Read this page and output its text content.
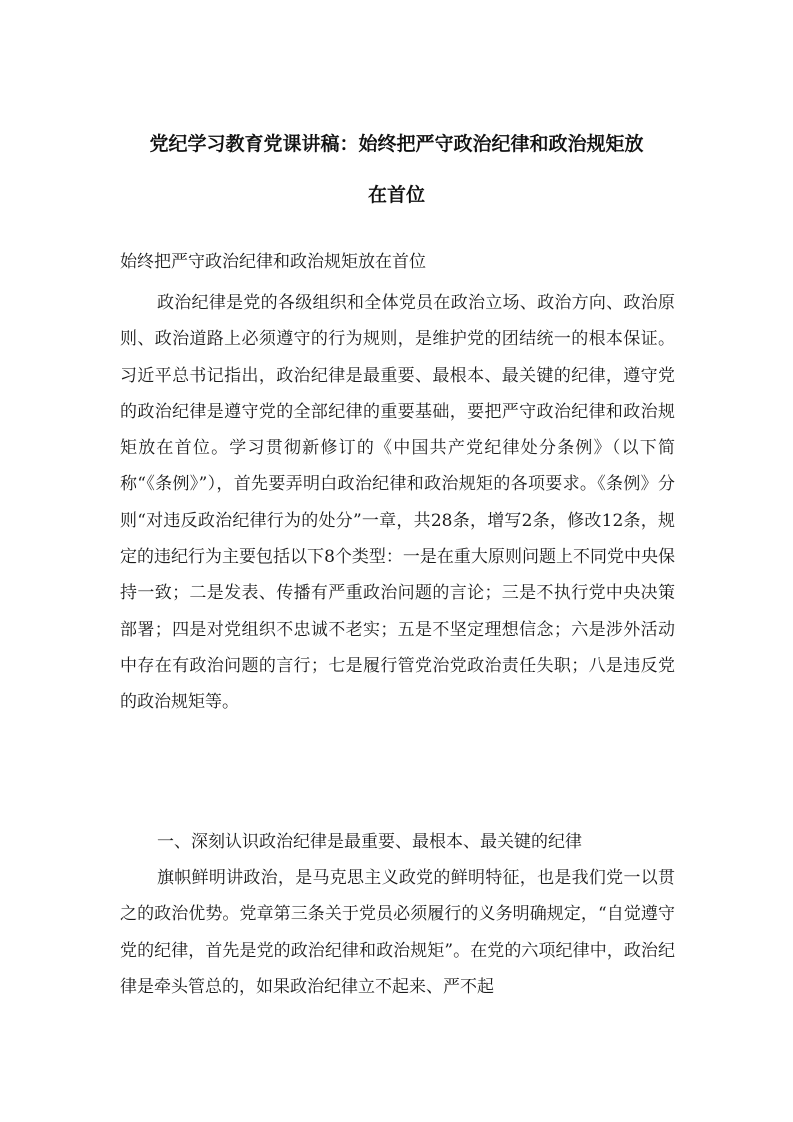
党纪学习教育党课讲稿：始终把严守政治纪律和政治规矩放
在首位
始终把严守政治纪律和政治规矩放在首位

政治纪律是党的各级组织和全体党员在政治立场、政治方向、政治原则、政治道路上必须遵守的行为规则，是维护党的团结统一的根本保证。习近平总书记指出，政治纪律是最重要、最根本、最关键的纪律，遵守党的政治纪律是遵守党的全部纪律的重要基础，要把严守政治纪律和政治规矩放在首位。学习贯彻新修订的《中国共产党纪律处分条例》（以下简称“《条例》”），首先要弄明白政治纪律和政治规矩的各项要求。《条例》分则“对违反政治纪律行为的处分”一章，共28条，增写2条，修改12条，规定的违纪行为主要包括以下8个类型：一是在重大原则问题上不同党中央保持一致；二是发表、传播有严重政治问题的言论；三是不执行党中央决策部署；四是对党组织不忠诚不老实；五是不坚定理想信念；六是涉外活动中存在有政治问题的言行；七是履行管党治党政治责任失职；八是违反党的政治规矩等。

一、深刻认识政治纪律是最重要、最根本、最关键的纪律

旗帜鲜明讲政治，是马克思主义政党的鲜明特征，也是我们党一以贯之的政治优势。党章第三条关于党员必须履行的义务明确规定，“自觉遵守党的纪律，首先是党的政治纪律和政治规矩”。在党的六项纪律中，政治纪律是牵头管总的，如果政治纪律立不起来、严不起
